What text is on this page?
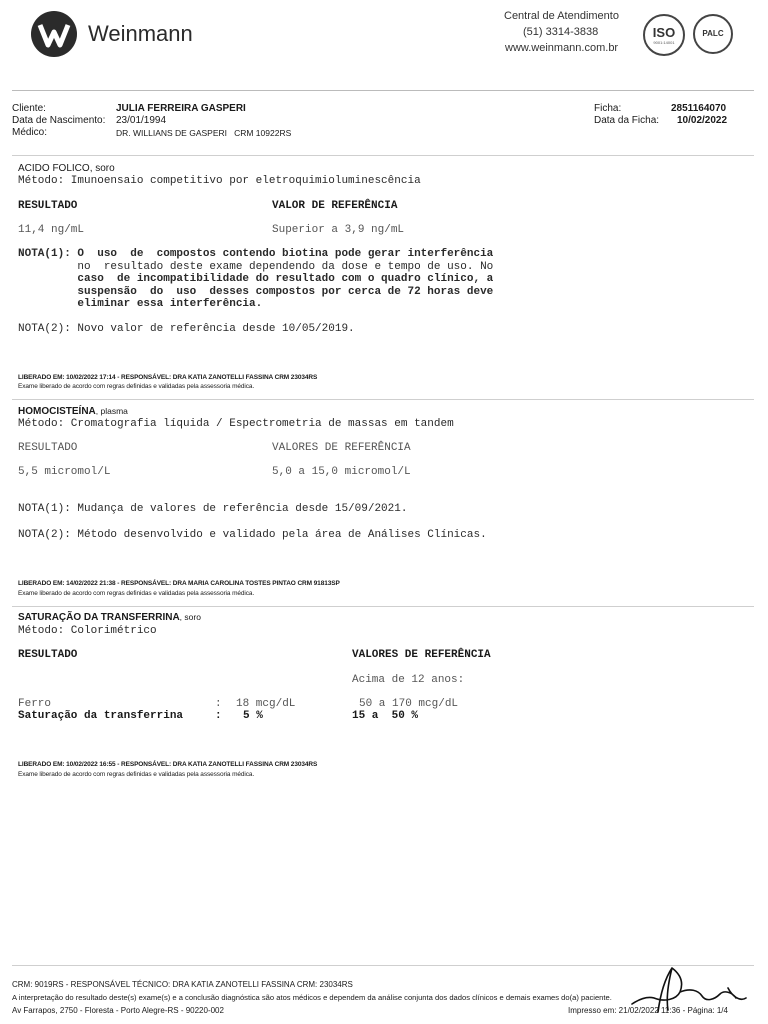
Weinmann
Central de Atendimento
(51) 3314-3838
www.weinmann.com.br
ISO
9001:14001
PALC
Cliente:	JULIA FERREIRA GASPERI
Data de Nascimento: 23/01/1994
Médico:	DR. WILLIANS DE GASPERI   CRM 10922RS
Ficha:	2851164070
Data da Ficha: 10/02/2022
ACIDO FOLICO, soro
Método: Imunoensaio competitivo por eletroquimioluminescência
RESULTADO	VALOR DE REFERÊNCIA
11,4 ng/mL	Superior a 3,9 ng/mL
NOTA(1): O  uso  de  compostos contendo biotina pode gerar interferência
no  resultado deste exame dependendo da dose e tempo de uso. No
caso  de incompatibilidade do resultado com o quadro clínico, a
suspensão  do  uso  desses compostos por cerca de 72 horas deve
eliminar essa interferência.
NOTA(2): Novo valor de referência desde 10/05/2019.
LIBERADO EM: 10/02/2022 17:14 - RESPONSÁVEL: DRA KATIA ZANOTELLI FASSINA CRM 23034RS
Exame liberado de acordo com regras definidas e validadas pela assessoria médica.
HOMOCISTEÍNA, plasma
Método: Cromatografia líquida / Espectrometria de massas em tandem
RESULTADO	VALORES DE REFERÊNCIA
5,5 micromol/L	5,0 a 15,0 micromol/L
NOTA(1): Mudança de valores de referência desde 15/09/2021.
NOTA(2): Método desenvolvido e validado pela área de Análises Clínicas.
LIBERADO EM: 14/02/2022 21:38 - RESPONSÁVEL: DRA MARIA CAROLINA TOSTES PINTAO CRM 91813SP
Exame liberado de acordo com regras definidas e validadas pela assessoria médica.
SATURAÇÃO DA TRANSFERRINA, soro
Método: Colorimétrico
RESULTADO	VALORES DE REFERÊNCIA
Acima de 12 anos:
Ferro	: 18 mcg/dL	50 a 170 mcg/dL
Saturação da transferrina	: 5 %	15 a  50 %
LIBERADO EM: 10/02/2022 16:55 - RESPONSÁVEL: DRA KATIA ZANOTELLI FASSINA CRM 23034RS
Exame liberado de acordo com regras definidas e validadas pela assessoria médica.
CRM: 9019RS - RESPONSÁVEL TÉCNICO: DRA KATIA ZANOTELLI FASSINA CRM: 23034RS
A interpretação do resultado deste(s) exame(s) e a conclusão diagnóstica são atos médicos e dependem da análise conjunta dos dados clínicos e demais exames do(a) paciente.
Av Farrapos, 2750 - Floresta - Porto Alegre-RS - 90220-002	Impresso em: 21/02/2022 11:36 - Página: 1/4
